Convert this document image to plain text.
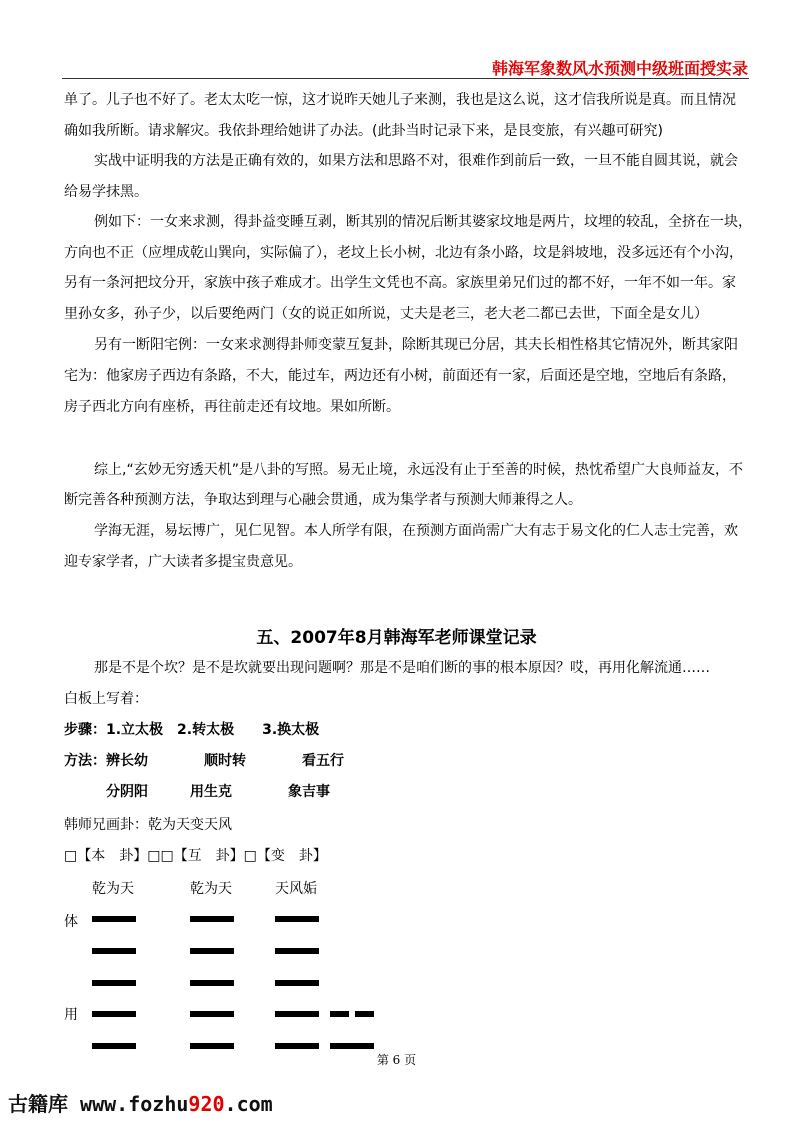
韩海军象数风水预测中级班面授实录
单了。儿子也不好了。老太太吃一惊，这才说昨天她儿子来测，我也是这么说，这才信我所说是真。而且情况
确如我所断。请求解灾。我依卦理给她讲了办法。(此卦当时记录下来，是艮变旅，有兴趣可研究)
实战中证明我的方法是正确有效的，如果方法和思路不对，很难作到前后一致，一旦不能自圆其说，就会
给易学抹黑。
例如下：一女来求测，得卦益变睡互剥，断其别的情况后断其婆家坟地是两片，坟埋的较乱，全挤在一块，
方向也不正（应埋成乾山巽向，实际偏了），老坟上长小树，北边有条小路，坟是斜坡地，没多远还有个小沟，
另有一条河把坟分开，家族中孩子难成才。出学生文凭也不高。家族里弟兄们过的都不好，一年不如一年。家
里孙女多，孙子少，以后要绝两门（女的说正如所说，丈夫是老三，老大老二都已去世，下面全是女儿）
另有一断阳宅例：一女来求测得卦师变蒙互复卦，除断其现已分居，其夫长相性格其它情况外，断其家阳
宅为：他家房子西边有条路，不大，能过车，两边还有小树，前面还有一家，后面还是空地，空地后有条路，
房子西北方向有座桥，再往前走还有坟地。果如所断。
综上,“玄妙无穷透天机”是八卦的写照。易无止境，永远没有止于至善的时候，热忱希望广大良师益友，不
断完善各种预测方法，争取达到理与心融会贯通，成为集学者与预测大师兼得之人。
学海无涯，易坛博广，见仁见智。本人所学有限，在预测方面尚需广大有志于易文化的仁人志士完善，欢
迎专家学者，广大读者多提宝贵意见。
五、2007年8月韩海军老师课堂记录
那是不是个坎？是不是坎就要出现问题啊？那是不是咱们断的事的根本原因？哎，再用化解流通……
白板上写着：
步骤：1.立太极　2.转太极　　3.换太极
方法：辨长幼　　　　顺时转　　　　看五行
分阴阳　　　用生克　　　　象吉事
韩师兄画卦：乾为天变天风
□【本　卦】□□【互　卦】□【变　卦】
乾为天	乾为天	天风姤
体
用
第 6 页
古籍库 www.fozhu920.com
